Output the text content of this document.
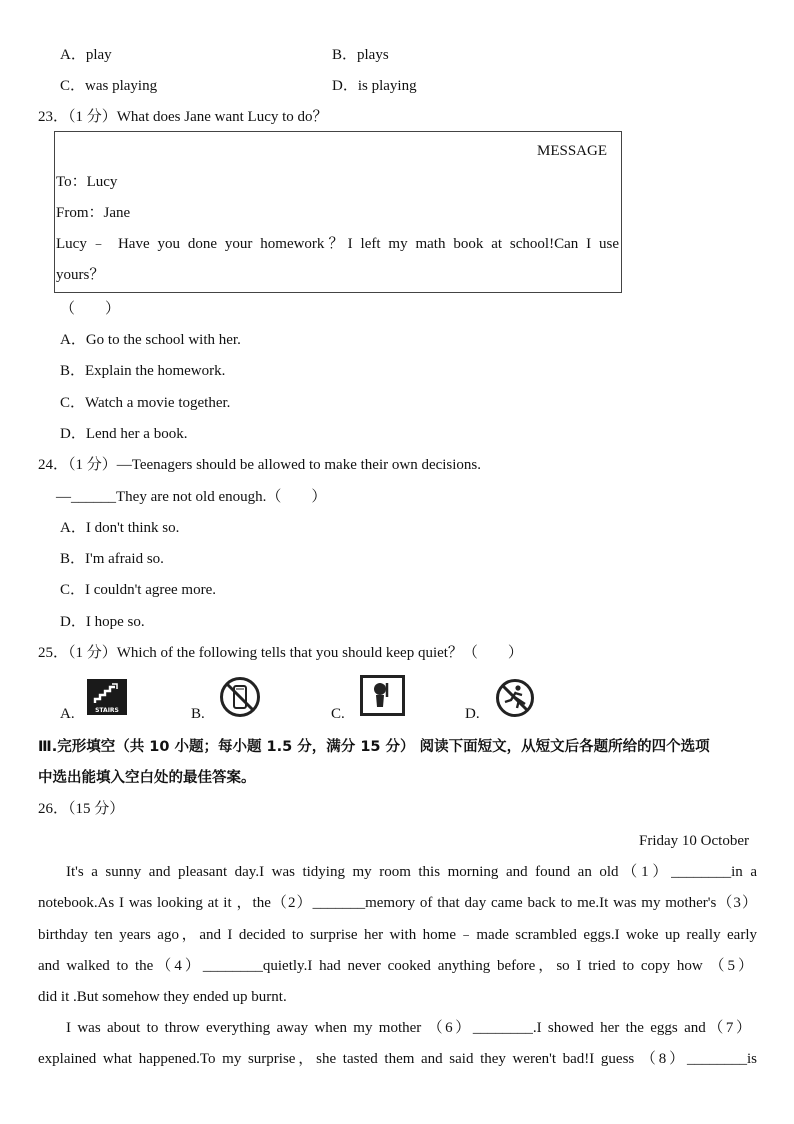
A．play	B．plays
C．was playing	D．is playing
23．（1 分）What does Jane want Lucy to do？
MESSAGE
To：Lucy
From：Jane
Lucy﹣ Have you done your homework？I left my math book at school!Can I use
yours？
（　　）
A．Go to the school with her.
B．Explain the homework.
C．Watch a movie together.
D．Lend her a book.
24．（1 分）—Teenagers should be allowed to make their own decisions.
—______They are not old enough.（　　）
A．I don't think so.
B．I'm afraid so.
C．I couldn't agree more.
D．I hope so.
25．（1 分）Which of the following tells that you should keep quiet？（　　）
A.	B.	C.	D.
STAIRS
Ⅲ.完形填空（共 10 小题；每小题 1.5 分，满分 15 分） 阅读下面短文，从短文后各题所给的四个选项
中选出能填入空白处的最佳答案。
26．（15 分）
Friday 10 October
It's a sunny and pleasant day.I was tidying my room this morning and found an old（1）________in a
notebook.As I was looking at it ，the（2）_______memory of that day came back to me.It was my mother's（3）
birthday ten years ago，and I decided to surprise her with home﹣made scrambled eggs.I woke up really early
and walked to the（4）________quietly.I had never cooked anything before，so I tried to copy how （5）
did it .But somehow they ended up burnt.
I was about to throw everything away when my mother （6）________.I showed her the eggs and（7）
explained what happened.To my surprise，she tasted them and said they weren't bad!I guess （8）________is
